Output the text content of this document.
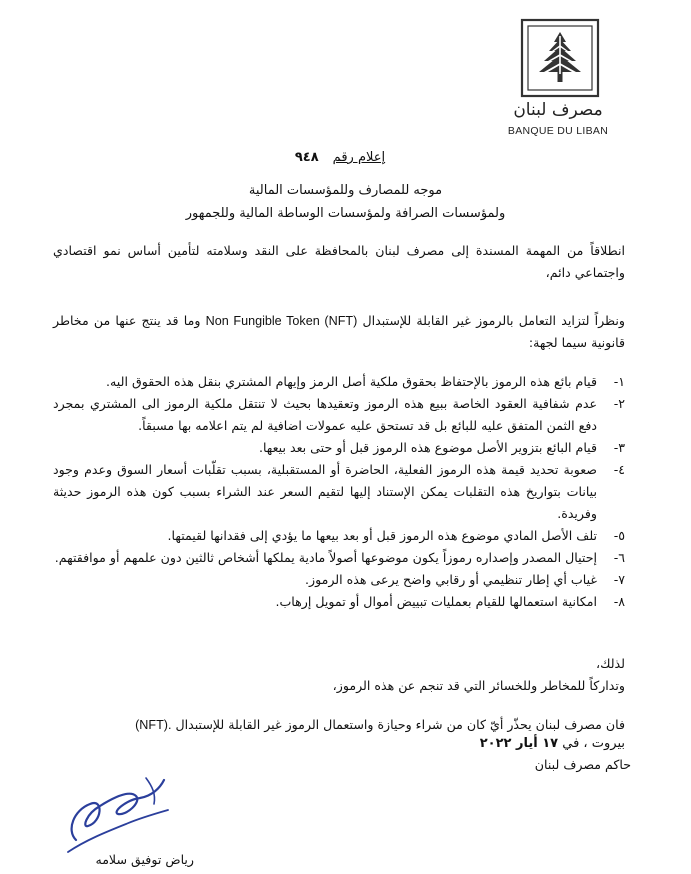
مصرف لبنان
BANQUE DU LIBAN
إعلام رقم٩٤٨
موجه للمصارف وللمؤسسات المالية
ولمؤسسات الصرافة ولمؤسسات الوساطة المالية وللجمهور
انطلاقاً من المهمة المسندة إلى مصرف لبنان بالمحافظة على النقد وسلامته لتأمين أساس نمو اقتصادي واجتماعي دائم،
ونظراً لتزايد التعامل بالرموز غير القابلة للإستبدال Non Fungible Token (NFT) وما قد ينتج عنها من مخاطر قانونية سيما لجهة:
١-
قيام بائع هذه الرموز بالإحتفاظ بحقوق ملكية أصل الرمز وإيهام المشتري بنقل هذه الحقوق اليه.
٢-
عدم شفافية العقود الخاصة ببيع هذه الرموز وتعقيدها بحيث لا تنتقل ملكية الرموز الى المشتري بمجرد دفع الثمن المتفق عليه للبائع بل قد تستحق عليه عمولات اضافية لم يتم اعلامه بها مسبقاً.
٣-
قيام البائع بتزوير الأصل موضوع هذه الرموز قبل أو حتى بعد بيعها.
٤-
صعوبة تحديد قيمة هذه الرموز الفعلية، الحاضرة أو المستقبلية، بسبب تقلّبات أسعار السوق وعدم وجود بيانات بتواريخ هذه التقلبات يمكن الإستناد إليها لتقيم السعر عند الشراء بسبب كون هذه الرموز حديثة وفريدة.
٥-
تلف الأصل المادي موضوع هذه الرموز قبل أو بعد بيعها ما يؤدي إلى فقدانها لقيمتها.
٦-
إحتيال المصدر وإصداره رموزاً يكون موضوعها أصولاً مادية يملكها أشخاص ثالثين دون علمهم أو موافقتهم.
٧-
غياب أي إطار تنظيمي أو رقابي واضح يرعى هذه الرموز.
٨-
امكانية استعمالها للقيام بعمليات تبييض أموال أو تمويل إرهاب.
لذلك،
وتداركاً للمخاطر وللخسائر التي قد تنجم عن هذه الرموز،
فان مصرف لبنان يحذّر أيّ كان من شراء وحيازة واستعمال الرموز غير القابلة للإستبدال (NFT).
بيروت ، في ١٧ أيار ٢٠٢٢
حاكم مصرف لبنان
رياض توفيق سلامه
